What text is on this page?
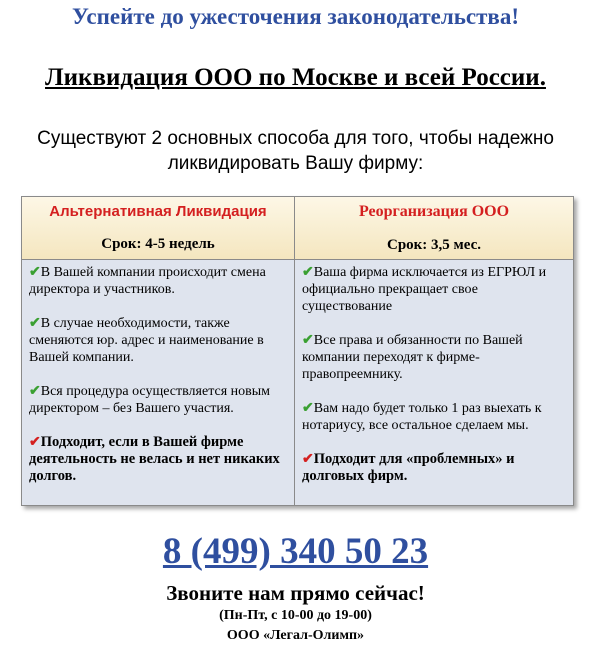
Успейте до ужесточения законодательства!
Ликвидация ООО по Москве и всей России.
Существуют 2 основных способа для того, чтобы надежно
ликвидировать Вашу фирму:
Альтернативная Ликвидация
Срок: 4-5 недель
✔В Вашей компании происходит смена директора и участников.
✔В случае необходимости, также сменяются юр. адрес и наименование в Вашей компании.
✔Вся процедура осуществляется новым директором – без Вашего участия.
✔Подходит, если в Вашей фирме деятельность не велась и нет никаких долгов.
Реорганизация ООО
Срок: 3,5 мес.
✔Ваша фирма исключается из ЕГРЮЛ и официально прекращает свое существование
✔Все права и обязанности по Вашей компании переходят к фирме-правопреемнику.
✔Вам надо будет только 1 раз выехать к нотариусу, все остальное сделаем мы.
✔Подходит для «проблемных» и долговых фирм.
8 (499) 340 50 23
Звоните нам прямо сейчас!
(Пн-Пт, с 10-00 до 19-00)
ООО «Легал-Олимп»
